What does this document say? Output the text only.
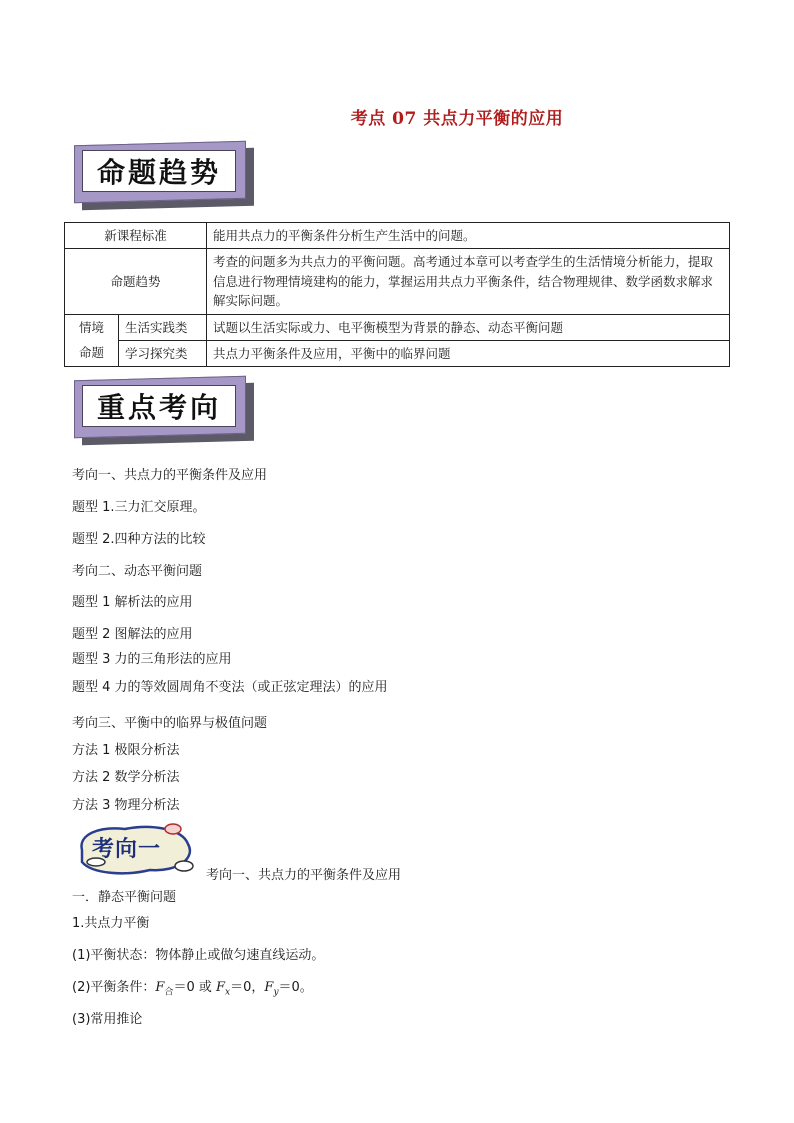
考点 07 共点力平衡的应用
命题趋势
新课程标准		能用共点力的平衡条件分析生产生活中的问题。
命题趋势		考查的问题多为共点力的平衡问题。高考通过本章可以考查学生的生活情境分析能力，提取信息进行物理情境建构的能力，掌握运用共点力平衡条件，结合物理规律、数学函数求解求解实际问题。

情境
命题	生活实践类	试题以生活实际或力、电平衡模型为背景的静态、动态平衡问题
	学习探究类	共点力平衡条件及应用，平衡中的临界问题
重点考向
考向一、共点力的平衡条件及应用
题型 1.三力汇交原理。
题型 2.四种方法的比较
考向二、动态平衡问题
题型 1 解析法的应用
题型 2 图解法的应用
题型 3 力的三角形法的应用
题型 4 力的等效圆周角不变法（或正弦定理法）的应用
考向三、平衡中的临界与极值问题
方法 1 极限分析法
方法 2 数学分析法
方法 3 物理分析法
考向一
考向一、共点力的平衡条件及应用
一．静态平衡问题
1.共点力平衡
(1)平衡状态：物体静止或做匀速直线运动。
(2)平衡条件：$F_合=0$ 或 $F_x=0$，$F_y=0$。
(3)常用推论
